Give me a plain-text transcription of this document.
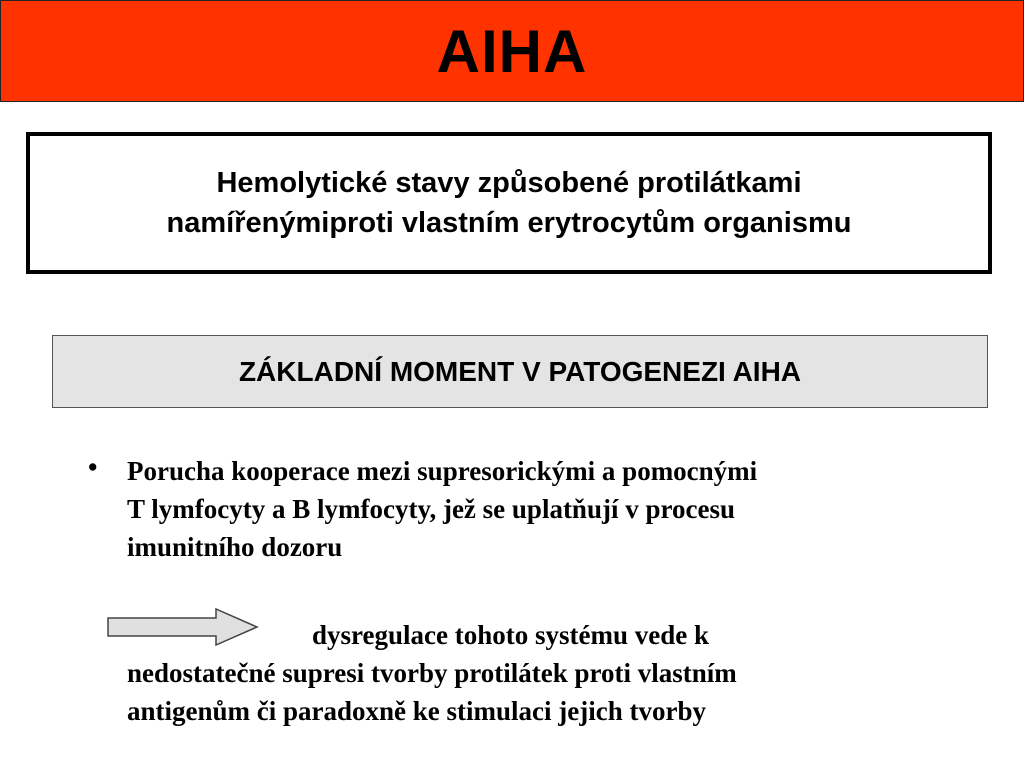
AIHA
Hemolytické stavy způsobené protilátkami
namířenýmiproti vlastním erytrocytům organismu
ZÁKLADNÍ MOMENT V PATOGENEZI AIHA
• Porucha kooperace mezi supresorickými a pomocnými
T lymfocyty a B lymfocyty, jež se uplatňují v procesu
imunitního dozoru
dysregulace tohoto systému vede k
nedostatečné supresi tvorby protilátek proti vlastním
antigenům či paradoxně ke stimulaci jejich tvorby
